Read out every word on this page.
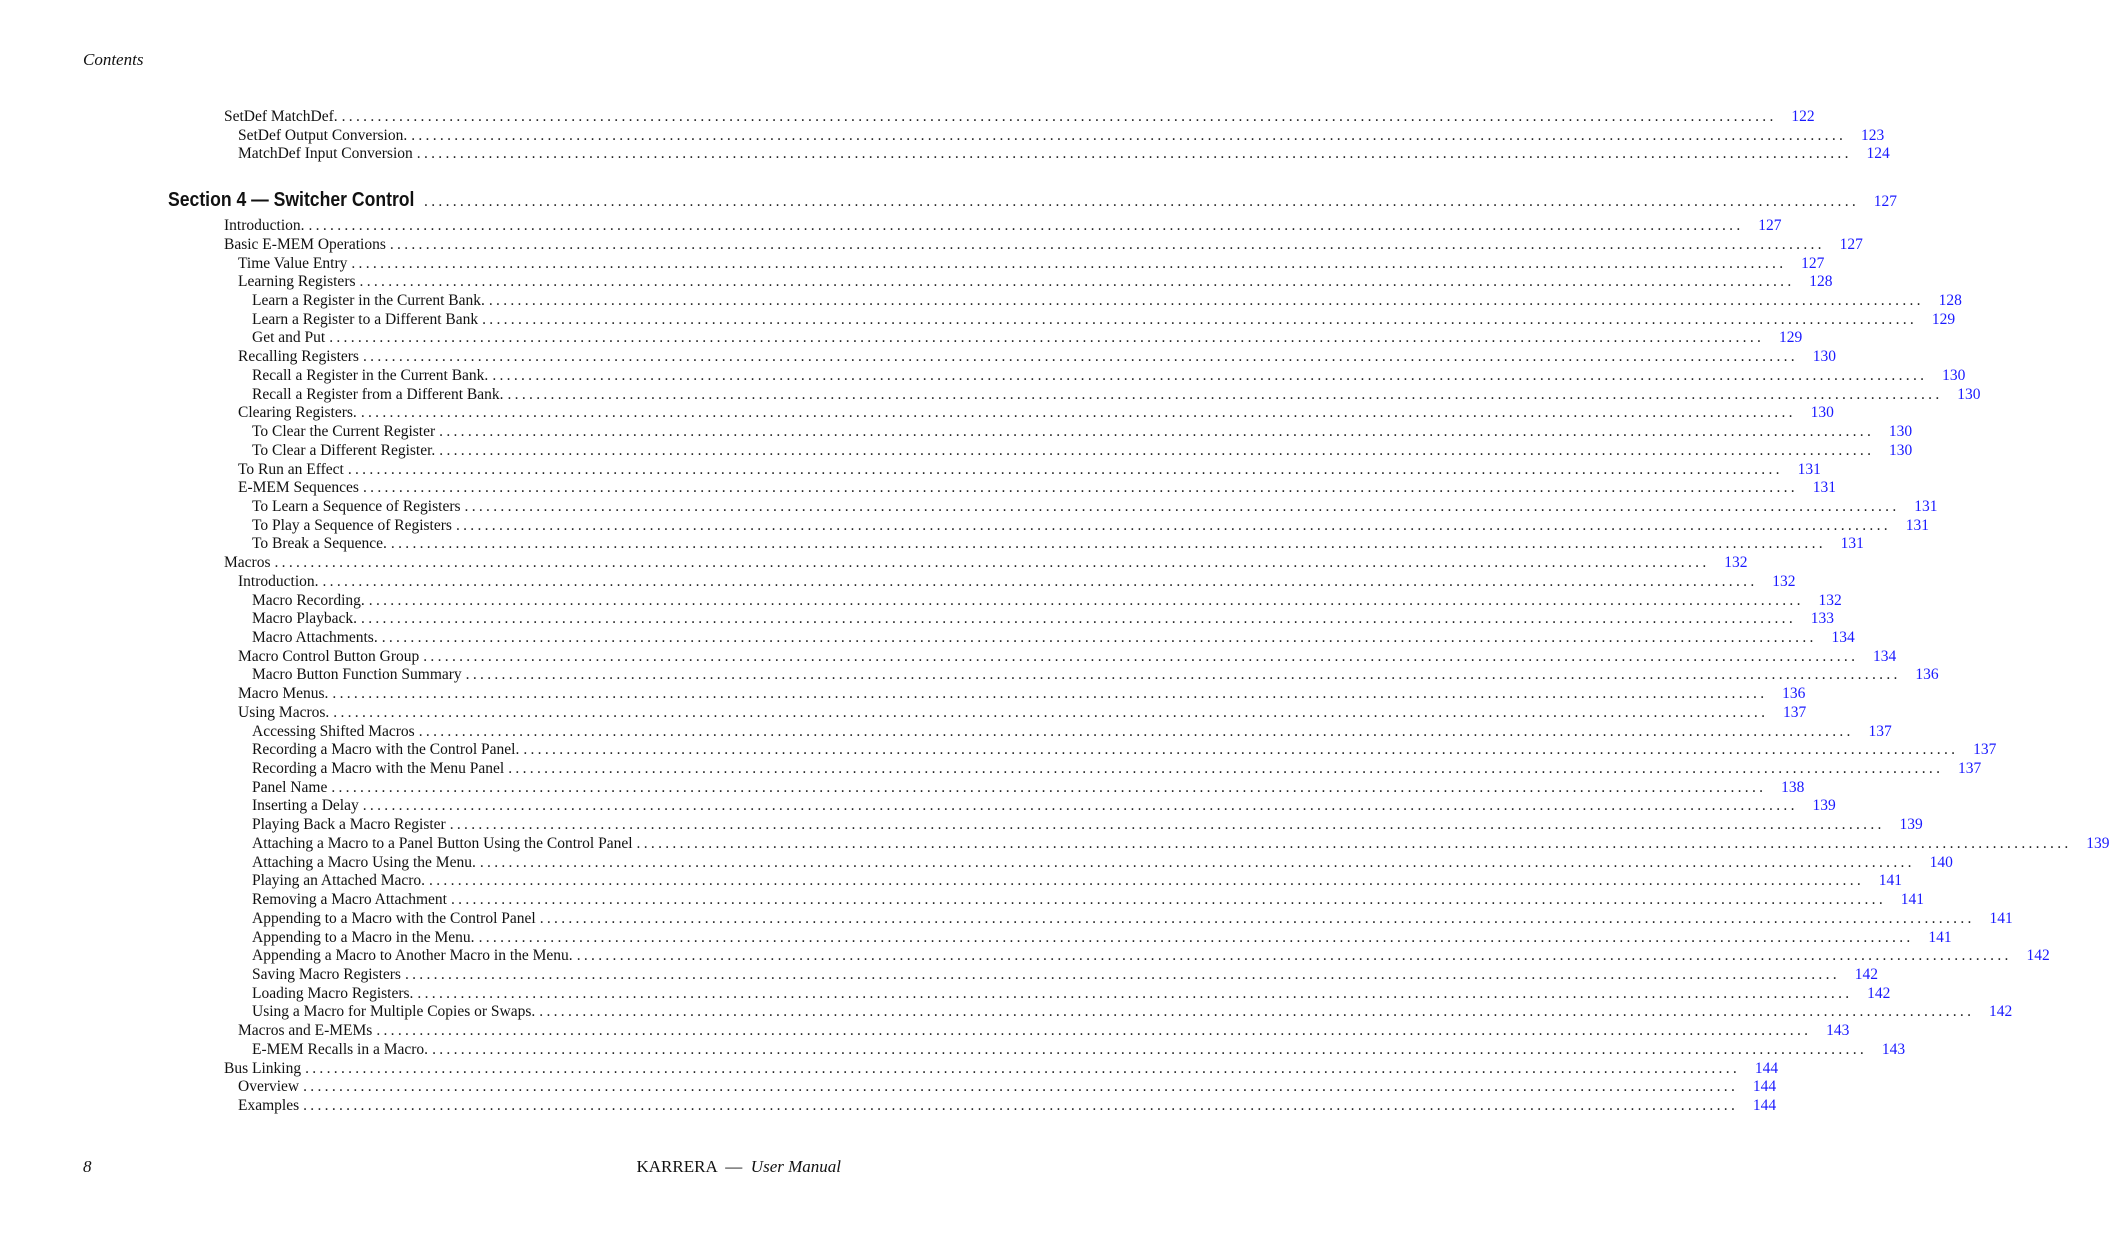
Contents
SetDef MatchDef. ........................................................................................................................................................................................................ 122
SetDef Output Conversion. ........................................................................................................................................................................................................ 123
MatchDef Input Conversion ........................................................................................................................................................................................................ 124
Section 4 — Switcher Control ........................................................................................................................................................................................................ 127
Introduction. ........................................................................................................................................................................................................ 127
Basic E-MEM Operations ........................................................................................................................................................................................................ 127
Time Value Entry ........................................................................................................................................................................................................ 127
Learning Registers ........................................................................................................................................................................................................ 128
Learn a Register in the Current Bank. ........................................................................................................................................................................................................ 128
Learn a Register to a Different Bank ........................................................................................................................................................................................................ 129
Get and Put ........................................................................................................................................................................................................ 129
Recalling Registers ........................................................................................................................................................................................................ 130
Recall a Register in the Current Bank. ........................................................................................................................................................................................................ 130
Recall a Register from a Different Bank. ........................................................................................................................................................................................................ 130
Clearing Registers. ........................................................................................................................................................................................................ 130
To Clear the Current Register ........................................................................................................................................................................................................ 130
To Clear a Different Register. ........................................................................................................................................................................................................ 130
To Run an Effect ........................................................................................................................................................................................................ 131
E-MEM Sequences ........................................................................................................................................................................................................ 131
To Learn a Sequence of Registers ........................................................................................................................................................................................................ 131
To Play a Sequence of Registers ........................................................................................................................................................................................................ 131
To Break a Sequence. ........................................................................................................................................................................................................ 131
Macros ........................................................................................................................................................................................................ 132
Introduction. ........................................................................................................................................................................................................ 132
Macro Recording. ........................................................................................................................................................................................................ 132
Macro Playback. ........................................................................................................................................................................................................ 133
Macro Attachments. ........................................................................................................................................................................................................ 134
Macro Control Button Group ........................................................................................................................................................................................................ 134
Macro Button Function Summary ........................................................................................................................................................................................................ 136
Macro Menus. ........................................................................................................................................................................................................ 136
Using Macros. ........................................................................................................................................................................................................ 137
Accessing Shifted Macros ........................................................................................................................................................................................................ 137
Recording a Macro with the Control Panel. ........................................................................................................................................................................................................ 137
Recording a Macro with the Menu Panel ........................................................................................................................................................................................................ 137
Panel Name ........................................................................................................................................................................................................ 138
Inserting a Delay ........................................................................................................................................................................................................ 139
Playing Back a Macro Register ........................................................................................................................................................................................................ 139
Attaching a Macro to a Panel Button Using the Control Panel ........................................................................................................................................................................................................ 139
Attaching a Macro Using the Menu. ........................................................................................................................................................................................................ 140
Playing an Attached Macro. ........................................................................................................................................................................................................ 141
Removing a Macro Attachment ........................................................................................................................................................................................................ 141
Appending to a Macro with the Control Panel ........................................................................................................................................................................................................ 141
Appending to a Macro in the Menu. ........................................................................................................................................................................................................ 141
Appending a Macro to Another Macro in the Menu. ........................................................................................................................................................................................................ 142
Saving Macro Registers ........................................................................................................................................................................................................ 142
Loading Macro Registers. ........................................................................................................................................................................................................ 142
Using a Macro for Multiple Copies or Swaps. ........................................................................................................................................................................................................ 142
Macros and E-MEMs ........................................................................................................................................................................................................ 143
E-MEM Recalls in a Macro. ........................................................................................................................................................................................................ 143
Bus Linking ........................................................................................................................................................................................................ 144
Overview ........................................................................................................................................................................................................ 144
Examples ........................................................................................................................................................................................................ 144
8	KARRERA — User Manual
